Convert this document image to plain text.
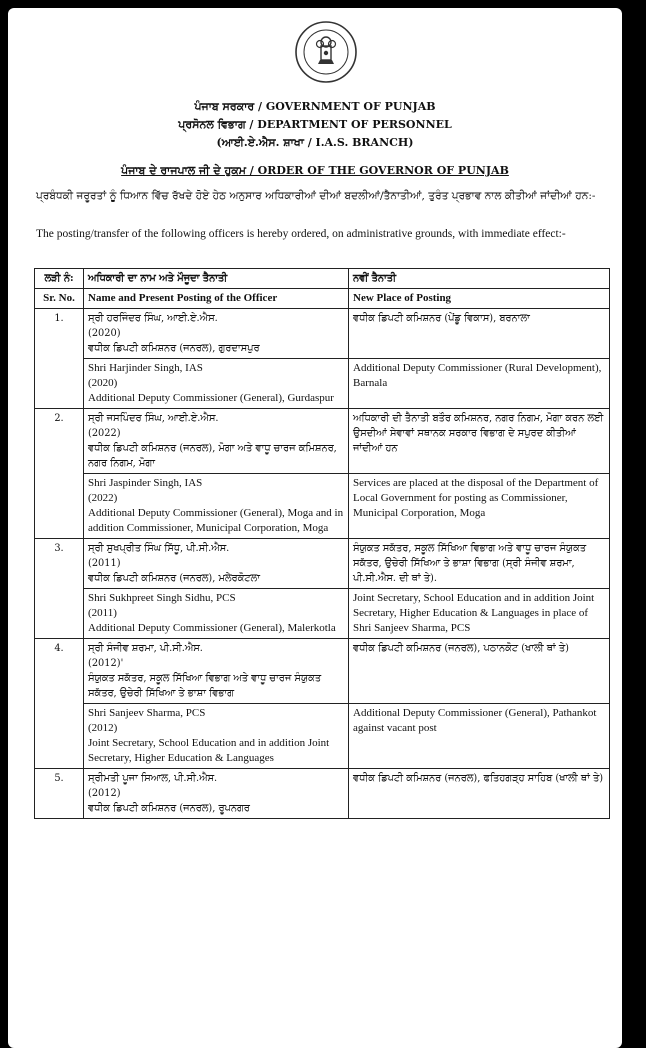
ਪੰਜਾਬ ਸਰਕਾਰ / GOVERNMENT OF PUNJAB
ਪ੍ਰਸੋਨਲ ਵਿਭਾਗ / DEPARTMENT OF PERSONNEL
(ਆਈ.ਏ.ਐਸ. ਸ਼ਾਖਾ / I.A.S. BRANCH)
ਪੰਜਾਬ ਦੇ ਰਾਜਪਾਲ ਜੀ ਦੇ ਹੁਕਮ / ORDER OF THE GOVERNOR OF PUNJAB
ਪ੍ਰਬੰਧਕੀ ਜਰੂਰਤਾਂ ਨੂੰ ਧਿਆਨ ਵਿੱਚ ਰੱਖਦੇ ਹੋਏ ਹੇਠ ਅਨੁਸਾਰ ਅਧਿਕਾਰੀਆਂ ਦੀਆਂ ਬਦਲੀਆਂ/ਤੈਨਾਤੀਆਂ, ਤੁਰੰਤ ਪ੍ਰਭਾਵ ਨਾਲ ਕੀਤੀਆਂ ਜਾਂਦੀਆਂ ਹਨ:-
The posting/transfer of the following officers is hereby ordered, on administrative grounds, with immediate effect:-
ਲੜੀ ਨੰ:	ਅਧਿਕਾਰੀ ਦਾ ਨਾਮ ਅਤੇ ਮੌਜੂਦਾ ਤੈਨਾਤੀ	ਨਵੀਂ ਤੈਨਾਤੀ
Sr. No.	Name and Present Posting of the Officer	New Place of Posting
1.	ਸ੍ਰੀ ਹਰਜਿੰਦਰ ਸਿੰਘ, ਆਈ.ਏ.ਐਸ.
(2020)
ਵਧੀਕ ਡਿਪਟੀ ਕਮਿਸ਼ਨਰ (ਜਨਰਲ), ਗੁਰਦਾਸਪੁਰ	ਵਧੀਕ ਡਿਪਟੀ ਕਮਿਸ਼ਨਰ (ਪੇਂਡੂ ਵਿਕਾਸ), ਬਰਨਾਲਾ

	Shri Harjinder Singh, IAS
(2020)
Additional Deputy Commissioner (General), Gurdaspur	Additional Deputy Commissioner (Rural Development), Barnala
2.	ਸ੍ਰੀ ਜਸਪਿੰਦਰ ਸਿੰਘ, ਆਈ.ਏ.ਐਸ.
(2022)
ਵਧੀਕ ਡਿਪਟੀ ਕਮਿਸ਼ਨਰ (ਜਨਰਲ), ਮੋਗਾ ਅਤੇ ਵਾਧੂ ਚਾਰਜ ਕਮਿਸ਼ਨਰ, ਨਗਰ ਨਿਗਮ, ਮੋਗਾ	ਅਧਿਕਾਰੀ ਦੀ ਤੈਨਾਤੀ ਬਤੌਰ ਕਮਿਸ਼ਨਰ, ਨਗਰ ਨਿਗਮ, ਮੋਗਾ ਕਰਨ ਲਈ ਉਸਦੀਆਂ ਸੇਵਾਵਾਂ ਸਥਾਨਕ ਸਰਕਾਰ ਵਿਭਾਗ ਦੇ ਸਪੁਰਦ ਕੀਤੀਆਂ ਜਾਂਦੀਆਂ ਹਨ

	Shri Jaspinder Singh, IAS
(2022)
Additional Deputy Commissioner (General), Moga and in addition Commissioner, Municipal Corporation, Moga	Services are placed at the disposal of the Department of Local Government for posting as Commissioner, Municipal Corporation, Moga
3.	ਸ੍ਰੀ ਸੁਖਪ੍ਰੀਤ ਸਿੰਘ ਸਿੱਧੂ, ਪੀ.ਸੀ.ਐਸ.
(2011)
ਵਧੀਕ ਡਿਪਟੀ ਕਮਿਸ਼ਨਰ (ਜਨਰਲ), ਮਲੇਰਕੋਟਲਾ	ਸੰਯੁਕਤ ਸਕੱਤਰ, ਸਕੂਲ ਸਿੱਖਿਆ ਵਿਭਾਗ ਅਤੇ ਵਾਧੂ ਚਾਰਜ ਸੰਯੁਕਤ ਸਕੱਤਰ, ਉਚੇਰੀ ਸਿੱਖਿਆ ਤੇ ਭਾਸ਼ਾ ਵਿਭਾਗ (ਸ੍ਰੀ ਸੰਜੀਵ ਸ਼ਰਮਾ, ਪੀ.ਸੀ.ਐਸ. ਦੀ ਥਾਂ ਤੇ).

	Shri Sukhpreet Singh Sidhu, PCS
(2011)
Additional Deputy Commissioner (General), Malerkotla	Joint Secretary, School Education and in addition Joint Secretary, Higher Education & Languages in place of Shri Sanjeev Sharma, PCS
4.	ਸ੍ਰੀ ਸੰਜੀਵ ਸ਼ਰਮਾ, ਪੀ.ਸੀ.ਐਸ.
(2012)'
ਸੰਯੁਕਤ ਸਕੱਤਰ, ਸਕੂਲ ਸਿੱਖਿਆ ਵਿਭਾਗ ਅਤੇ ਵਾਧੂ ਚਾਰਜ ਸੰਯੁਕਤ ਸਕੱਤਰ, ਉਚੇਰੀ ਸਿੱਖਿਆ ਤੇ ਭਾਸ਼ਾ ਵਿਭਾਗ	ਵਧੀਕ ਡਿਪਟੀ ਕਮਿਸ਼ਨਰ (ਜਨਰਲ), ਪਠਾਨਕੋਟ (ਖਾਲੀ ਥਾਂ ਤੇ)

	Shri Sanjeev Sharma, PCS
(2012)
Joint Secretary, School Education and in addition Joint Secretary, Higher Education & Languages	Additional Deputy Commissioner (General), Pathankot against vacant post
5.	ਸ੍ਰੀਮਤੀ ਪੂਜਾ ਸਿਆਲ, ਪੀ.ਸੀ.ਐਸ.
(2012)
ਵਧੀਕ ਡਿਪਟੀ ਕਮਿਸ਼ਨਰ (ਜਨਰਲ), ਰੂਪਨਗਰ	ਵਧੀਕ ਡਿਪਟੀ ਕਮਿਸ਼ਨਰ (ਜਨਰਲ), ਫਤਿਹਗੜ੍ਹ ਸਾਹਿਬ (ਖਾਲੀ ਥਾਂ ਤੇ)
